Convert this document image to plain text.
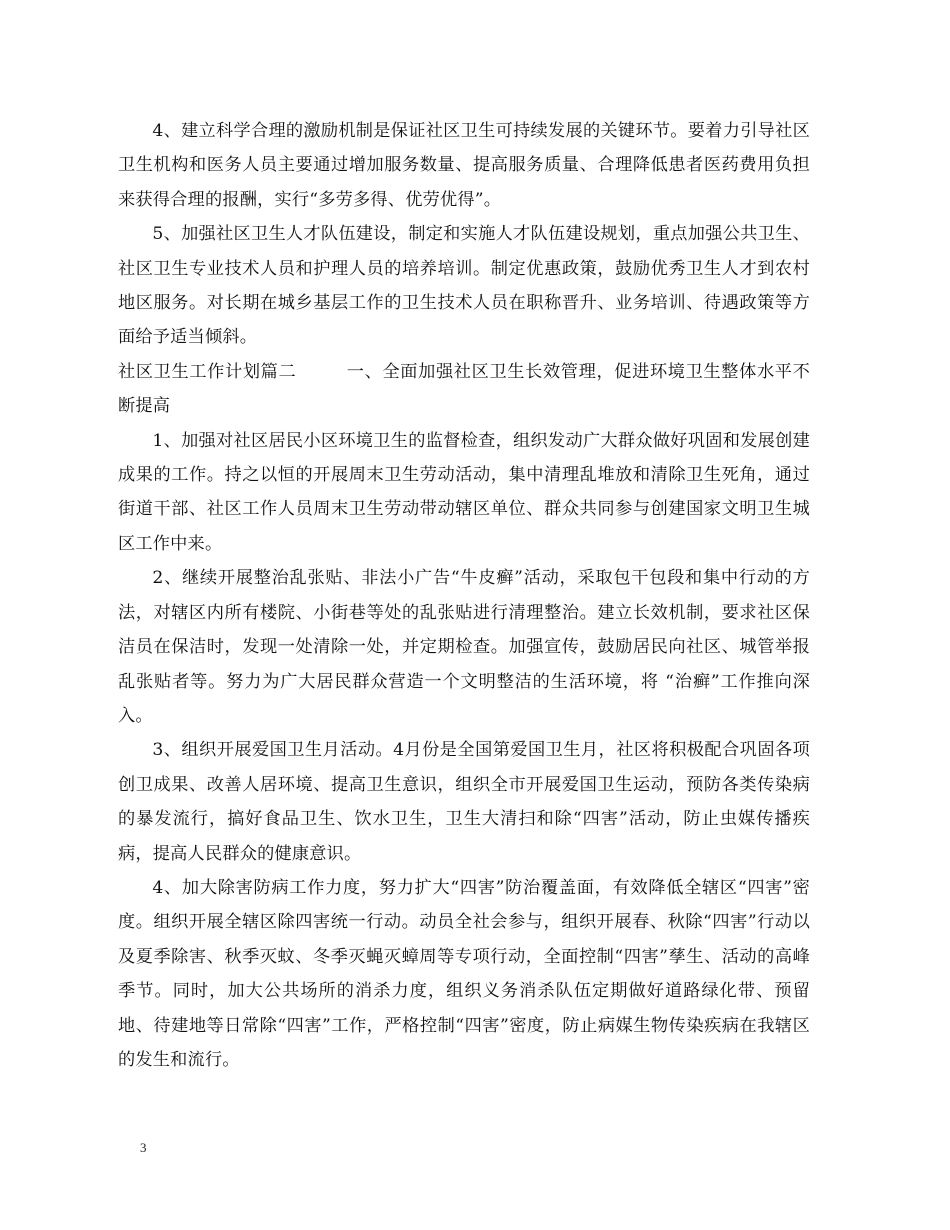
4、建立科学合理的激励机制是保证社区卫生可持续发展的关键环节。要着力引导社区卫生机构和医务人员主要通过增加服务数量、提高服务质量、合理降低患者医药费用负担来获得合理的报酬，实行“多劳多得、优劳优得”。

5、加强社区卫生人才队伍建设，制定和实施人才队伍建设规划，重点加强公共卫生、社区卫生专业技术人员和护理人员的培养培训。制定优惠政策，鼓励优秀卫生人才到农村地区服务。对长期在城乡基层工作的卫生技术人员在职称晋升、业务培训、待遇政策等方面给予适当倾斜。

社区卫生工作计划篇二	一、全面加强社区卫生长效管理，促进环境卫生整体水平不断提高

1、加强对社区居民小区环境卫生的监督检查，组织发动广大群众做好巩固和发展创建成果的工作。持之以恒的开展周末卫生劳动活动，集中清理乱堆放和清除卫生死角，通过街道干部、社区工作人员周末卫生劳动带动辖区单位、群众共同参与创建国家文明卫生城区工作中来。

2、继续开展整治乱张贴、非法小广告“牛皮癣”活动，采取包干包段和集中行动的方法，对辖区内所有楼院、小街巷等处的乱张贴进行清理整治。建立长效机制，要求社区保洁员在保洁时，发现一处清除一处，并定期检查。加强宣传，鼓励居民向社区、城管举报乱张贴者等。努力为广大居民群众营造一个文明整洁的生活环境，将 “治癣”工作推向深入。

3、组织开展爱国卫生月活动。4月份是全国第爱国卫生月，社区将积极配合巩固各项创卫成果、改善人居环境、提高卫生意识，组织全市开展爱国卫生运动，预防各类传染病的暴发流行，搞好食品卫生、饮水卫生，卫生大清扫和除“四害”活动，防止虫媒传播疾病，提高人民群众的健康意识。

4、加大除害防病工作力度，努力扩大“四害”防治覆盖面，有效降低全辖区“四害”密度。组织开展全辖区除四害统一行动。动员全社会参与，组织开展春、秋除“四害”行动以及夏季除害、秋季灭蚊、冬季灭蝇灭蟑周等专项行动，全面控制“四害”孳生、活动的高峰季节。同时，加大公共场所的消杀力度，组织义务消杀队伍定期做好道路绿化带、预留地、待建地等日常除“四害”工作，严格控制“四害”密度，防止病媒生物传染疾病在我辖区的发生和流行。

3
